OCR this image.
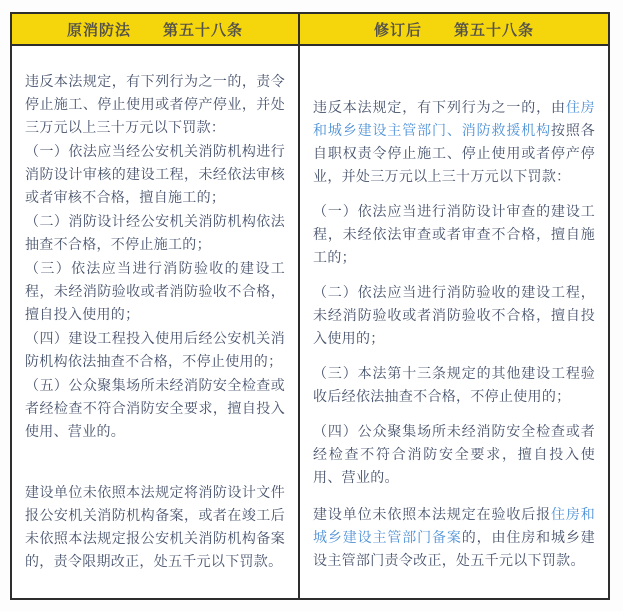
原消防法　　第五十八条	修订后　　第五十八条

违反本法规定，有下列行为之一的，责令停止施工、停止使用或者停产停业，并处三万元以上三十万元以下罚款：

（一）依法应当经公安机关消防机构进行消防设计审核的建设工程，未经依法审核或者审核不合格，擅自施工的；

（二）消防设计经公安机关消防机构依法抽查不合格，不停止施工的；

（三）依法应当进行消防验收的建设工程，未经消防验收或者消防验收不合格，擅自投入使用的；

（四）建设工程投入使用后经公安机关消防机构依法抽查不合格，不停止使用的；

（五）公众聚集场所未经消防安全检查或者经检查不符合消防安全要求，擅自投入使用、营业的。

建设单位未依照本法规定将消防设计文件报公安机关消防机构备案，或者在竣工后未依照本法规定报公安机关消防机构备案的，责令限期改正，处五千元以下罚款。

违反本法规定，有下列行为之一的，由住房和城乡建设主管部门、消防救援机构按照各自职权责令停止施工、停止使用或者停产停业，并处三万元以上三十万元以下罚款：

（一）依法应当进行消防设计审查的建设工程，未经依法审查或者审查不合格，擅自施工的；

（二）依法应当进行消防验收的建设工程，未经消防验收或者消防验收不合格，擅自投入使用的；

（三）本法第十三条规定的其他建设工程验收后经依法抽查不合格，不停止使用的；

（四）公众聚集场所未经消防安全检查或者经检查不符合消防安全要求，擅自投入使用、营业的。

建设单位未依照本法规定在验收后报住房和城乡建设主管部门备案的，由住房和城乡建设主管部门责令改正，处五千元以下罚款。
